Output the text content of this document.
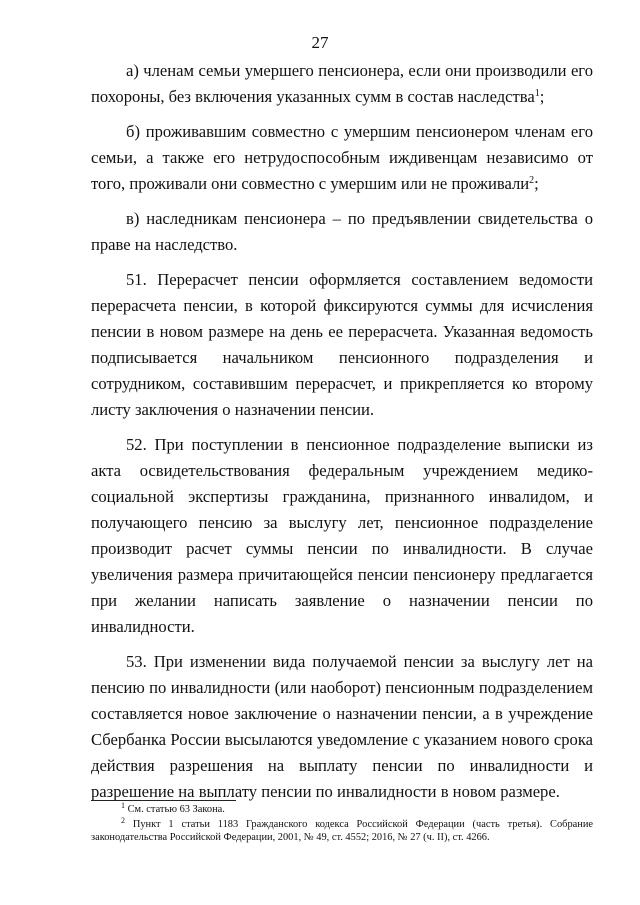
27

а) членам семьи умершего пенсионера, если они производили его похороны, без включения указанных сумм в состав наследства$^1$;

б) проживавшим совместно с умершим пенсионером членам его семьи, а также его нетрудоспособным иждивенцам независимо от того, проживали они совместно с умершим или не проживали$^2$;

в) наследникам пенсионера – по предъявлении свидетельства о праве на наследство.

51. Перерасчет пенсии оформляется составлением ведомости перерасчета пенсии, в которой фиксируются суммы для исчисления пенсии в новом размере на день ее перерасчета. Указанная ведомость подписывается начальником пенсионного подразделения и сотрудником, составившим перерасчет, и прикрепляется ко второму листу заключения о назначении пенсии.

52. При поступлении в пенсионное подразделение выписки из акта освидетельствования федеральным учреждением медико-социальной экспертизы гражданина, признанного инвалидом, и получающего пенсию за выслугу лет, пенсионное подразделение производит расчет суммы пенсии по инвалидности. В случае увеличения размера причитающейся пенсии пенсионеру предлагается при желании написать заявление о назначении пенсии по инвалидности.

53. При изменении вида получаемой пенсии за выслугу лет на пенсию по инвалидности (или наоборот) пенсионным подразделением составляется новое заключение о назначении пенсии, а в учреждение Сбербанка России высылаются уведомление с указанием нового срока действия разрешения на выплату пенсии по инвалидности и разрешение на выплату пенсии по инвалидности в новом размере.

$^1$ См. статью 63 Закона.

$^2$ Пункт 1 статьи 1183 Гражданского кодекса Российской Федерации (часть третья). Собрание законодательства Российской Федерации, 2001, № 49, ст. 4552; 2016, № 27 (ч. II), ст. 4266.
